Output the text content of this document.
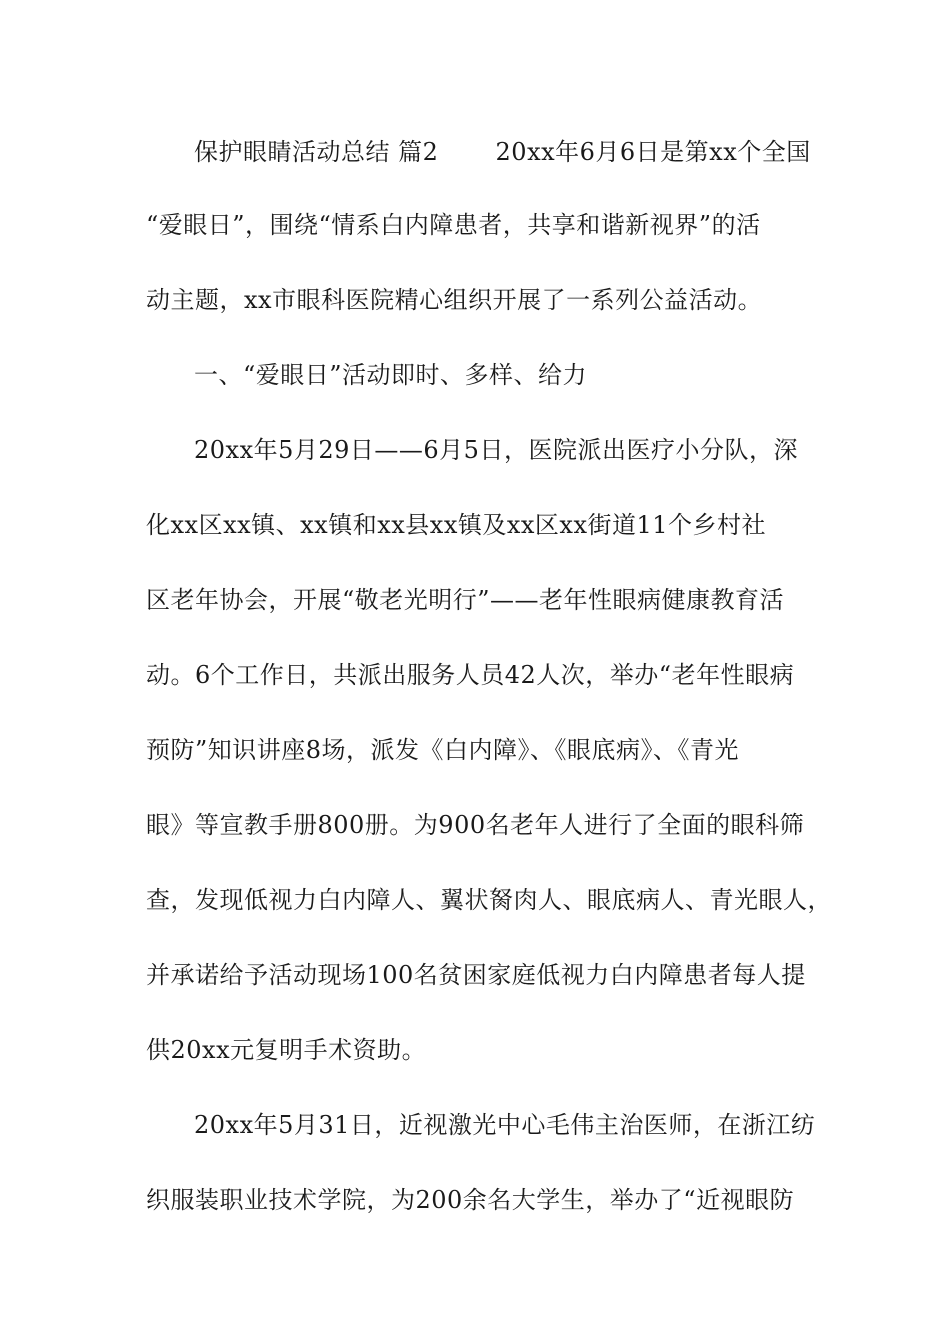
保护眼睛活动总结 篇2　　 20xx年6月6日是第xx个全国
“爱眼日”，围绕“情系白内障患者，共享和谐新视界”的活
动主题，xx市眼科医院精心组织开展了一系列公益活动。
一、“爱眼日”活动即时、多样、给力
20xx年5月29日——6月5日，医院派出医疗小分队，深
化xx区xx镇、xx镇和xx县xx镇及xx区xx街道11个乡村社
区老年协会，开展“敬老光明行”——老年性眼病健康教育活
动。6个工作日，共派出服务人员42人次，举办“老年性眼病
预防”知识讲座8场，派发《白内障》、《眼底病》、《青光
眼》等宣教手册800册。为900名老年人进行了全面的眼科筛
查，发现低视力白内障人、翼状胬肉人、眼底病人、青光眼人，
并承诺给予活动现场100名贫困家庭低视力白内障患者每人提
供20xx元复明手术资助。
20xx年5月31日，近视激光中心毛伟主治医师，在浙江纺
织服装职业技术学院，为200余名大学生，举办了“近视眼防
